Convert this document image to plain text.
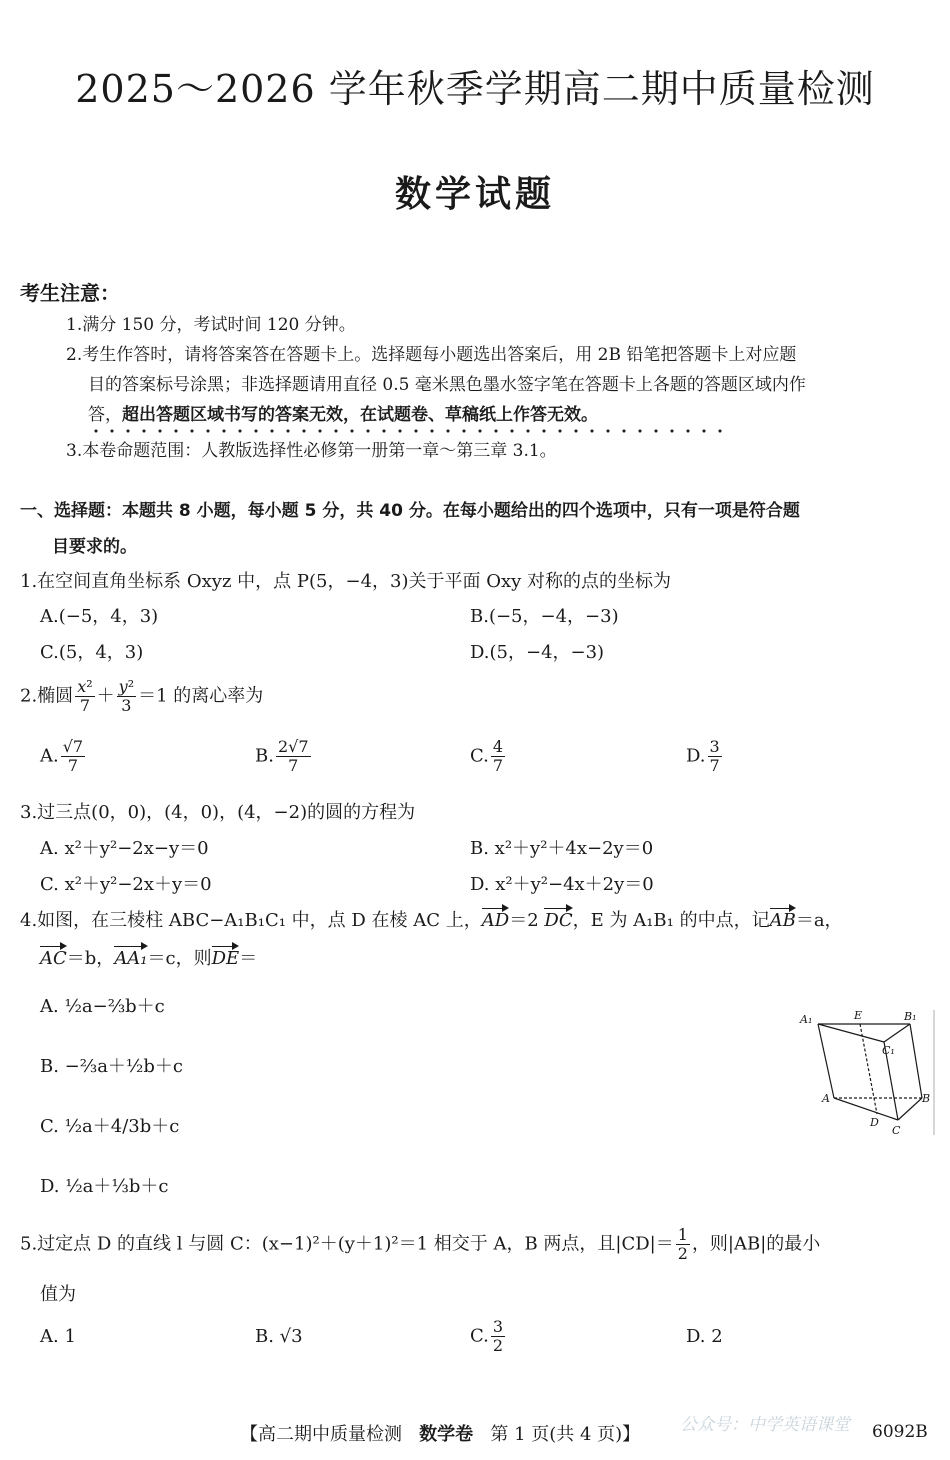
2025～2026 学年秋季学期高二期中质量检测
数学试题
考生注意：
1.满分 150 分，考试时间 120 分钟。
2.考生作答时，请将答案答在答题卡上。选择题每小题选出答案后，用 2B 铅笔把答题卡上对应题
目的答案标号涂黑；非选择题请用直径 0.5 毫米黑色墨水签字笔在答题卡上各题的答题区域内作
答，超出答题区域书写的答案无效，在试题卷、草稿纸上作答无效。
3.本卷命题范围：人教版选择性必修第一册第一章～第三章 3.1。
一、选择题：本题共 8 小题，每小题 5 分，共 40 分。在每小题给出的四个选项中，只有一项是符合题
目要求的。
1.在空间直角坐标系 Oxyz 中，点 P(5，−4，3)关于平面 Oxy 对称的点的坐标为
A.(−5，4，3)	B.(−5，−4，−3)
C.(5，4，3)	D.(5，−4，−3)
2.椭圆 $\frac{\text{x²}}{7} + \frac{\text{y²}}{3} =1$ 的离心率为
A. $\frac{√7}{7}$	B. $\frac{2√7}{7}$	C. $\frac{4}{7}$	D. $\frac{3}{7}$
3.过三点(0，0)，(4，0)，(4，−2)的圆的方程为
A. x²＋y²−2x−y＝0	B. x²＋y²＋4x−2y＝0
C. x²＋y²−2x＋y＝0	D. x²＋y²−4x＋2y＝0
4.如图，在三棱柱 ABC−A₁B₁C₁ 中，点 D 在棱 AC 上，AD＝2 DC，E 为 A₁B₁ 的中点，记AB＝a，
AC＝b，AA₁＝c，则DE＝
A. ½a−⅔b＋c
B. −⅔a＋½b＋c
C. ½a＋4/3b＋c
D. ½a＋⅓b＋c
A₁	E	B₁
C₁
A	B
C
D
5.过定点 D 的直线 l 与圆 C：(x−1)²＋(y＋1)²＝1 相交于 A，B 两点，且$|CD|= \frac{1}{2}$ ，则|AB|的最小
值为
A. 1	B. √3	C. $\frac{3}{2}$	D. 2
【高二期中质量检测 数学卷 第 1 页(共 4 页)】 公众号：中学英语课堂 6092B
